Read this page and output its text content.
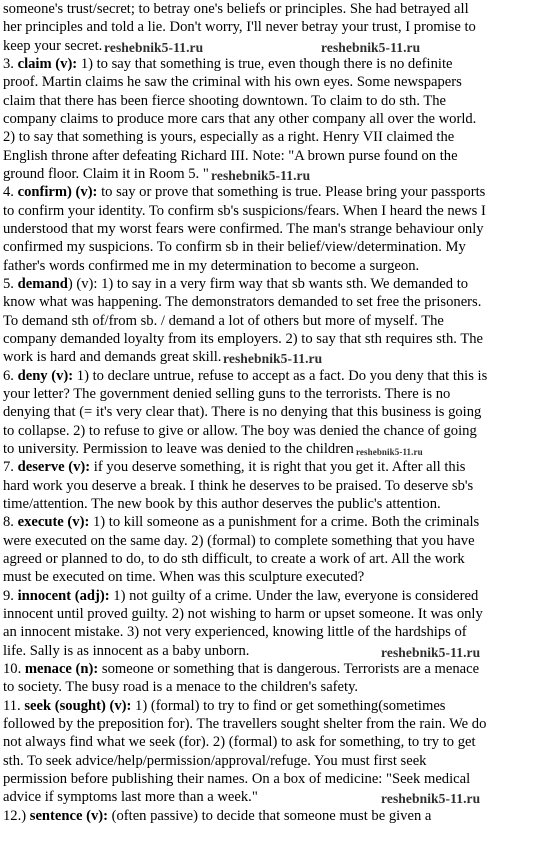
someone's trust/secret; to betray one's beliefs or principles. She had betrayed all
her principles and told a lie. Don't worry, I'll never betray your trust, I promise to
keep your secret.
3. claim (v): 1) to say that something is true, even though there is no definite
proof. Martin claims he saw the criminal with his own eyes. Some newspapers
claim that there has been fierce shooting downtown. To claim to do sth. The
company claims to produce more cars that any other company all over the world.
2) to say that something is yours, especially as a right. Henry VII claimed the
English throne after defeating Richard III. Note: "A brown purse found on the
ground floor. Claim it in Room 5. "
4. confirm) (v): to say or prove that something is true. Please bring your passports
to confirm your identity. To confirm sb's suspicions/fears. When I heard the news I
understood that my worst fears were confirmed. The man's strange behaviour only
confirmed my suspicions. To confirm sb in their belief/view/determination. My
father's words confirmed me in my determination to become a surgeon.
5. demand) (v): 1) to say in a very firm way that sb wants sth. We demanded to
know what was happening. The demonstrators demanded to set free the prisoners.
To demand sth of/from sb. / demand a lot of others but more of myself. The
company demanded loyalty from its employers. 2) to say that sth requires sth. The
work is hard and demands great skill.
6. deny (v): 1) to declare untrue, refuse to accept as a fact. Do you deny that this is
your letter? The government denied selling guns to the terrorists. There is no
denying that (= it's very clear that). There is no denying that this business is going
to collapse. 2) to refuse to give or allow. The boy was denied the chance of going
to university. Permission to leave was denied to the children
7. deserve (v): if you deserve something, it is right that you get it. After all this
hard work you deserve a break. I think he deserves to be praised. To deserve sb's
time/attention. The new book by this author deserves the public's attention.
8. execute (v): 1) to kill someone as a punishment for a crime. Both the criminals
were executed on the same day. 2) (formal) to complete something that you have
agreed or planned to do, to do sth difficult, to create a work of art. All the work
must be executed on time. When was this sculpture executed?
9. innocent (adj): 1) not guilty of a crime. Under the law, everyone is considered
innocent until proved guilty. 2) not wishing to harm or upset someone. It was only
an innocent mistake. 3) not very experienced, knowing little of the hardships of
life. Sally is as innocent as a baby unborn.
10. menace (n): someone or something that is dangerous. Terrorists are a menace
to society. The busy road is a menace to the children's safety.
11. seek (sought) (v): 1) (formal) to try to find or get something(sometimes
followed by the preposition for). The travellers sought shelter from the rain. We do
not always find what we seek (for). 2) (formal) to ask for something, to try to get
sth. To seek advice/help/permission/approval/refuge. You must first seek
permission before publishing their names. On a box of medicine: "Seek medical
advice if symptoms last more than a week."
12.) sentence (v): (often passive) to decide that someone must be given a
reshebnik5-11.ru	reshebnik5-11.ru
reshebnik5-11.ru
reshebnik5-11.ru
reshebnik5-11.ru
reshebnik5-11.ru
reshebnik5-11.ru
